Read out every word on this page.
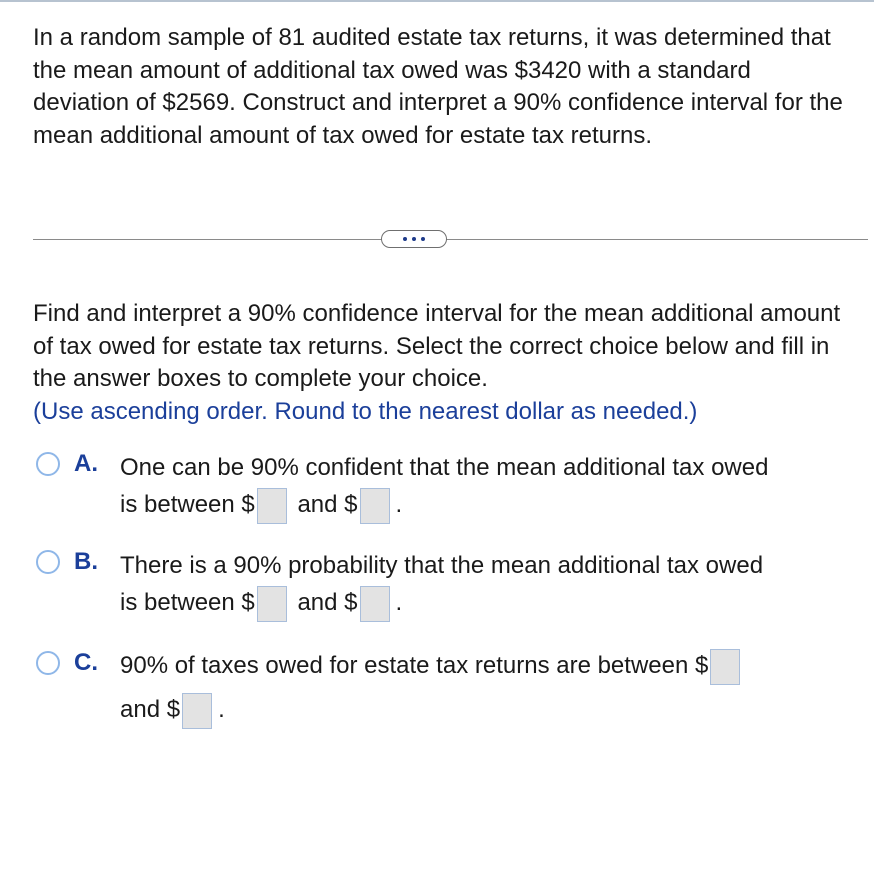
In a random sample of 81 audited estate tax returns, it was determined that the mean amount of additional tax owed was $3420 with a standard deviation of $2569. Construct and interpret a 90% confidence interval for the mean additional amount of tax owed for estate tax returns.

Find and interpret a 90% confidence interval for the mean additional amount of tax owed for estate tax returns. Select the correct choice below and fill in the answer boxes to complete your choice.
(Use ascending order. Round to the nearest dollar as needed.)

A. One can be 90% confident that the mean additional tax owed
is between $ and $ .
B. There is a 90% probability that the mean additional tax owed
is between $ and $ .
C. 90% of taxes owed for estate tax returns are between $
and $ .
